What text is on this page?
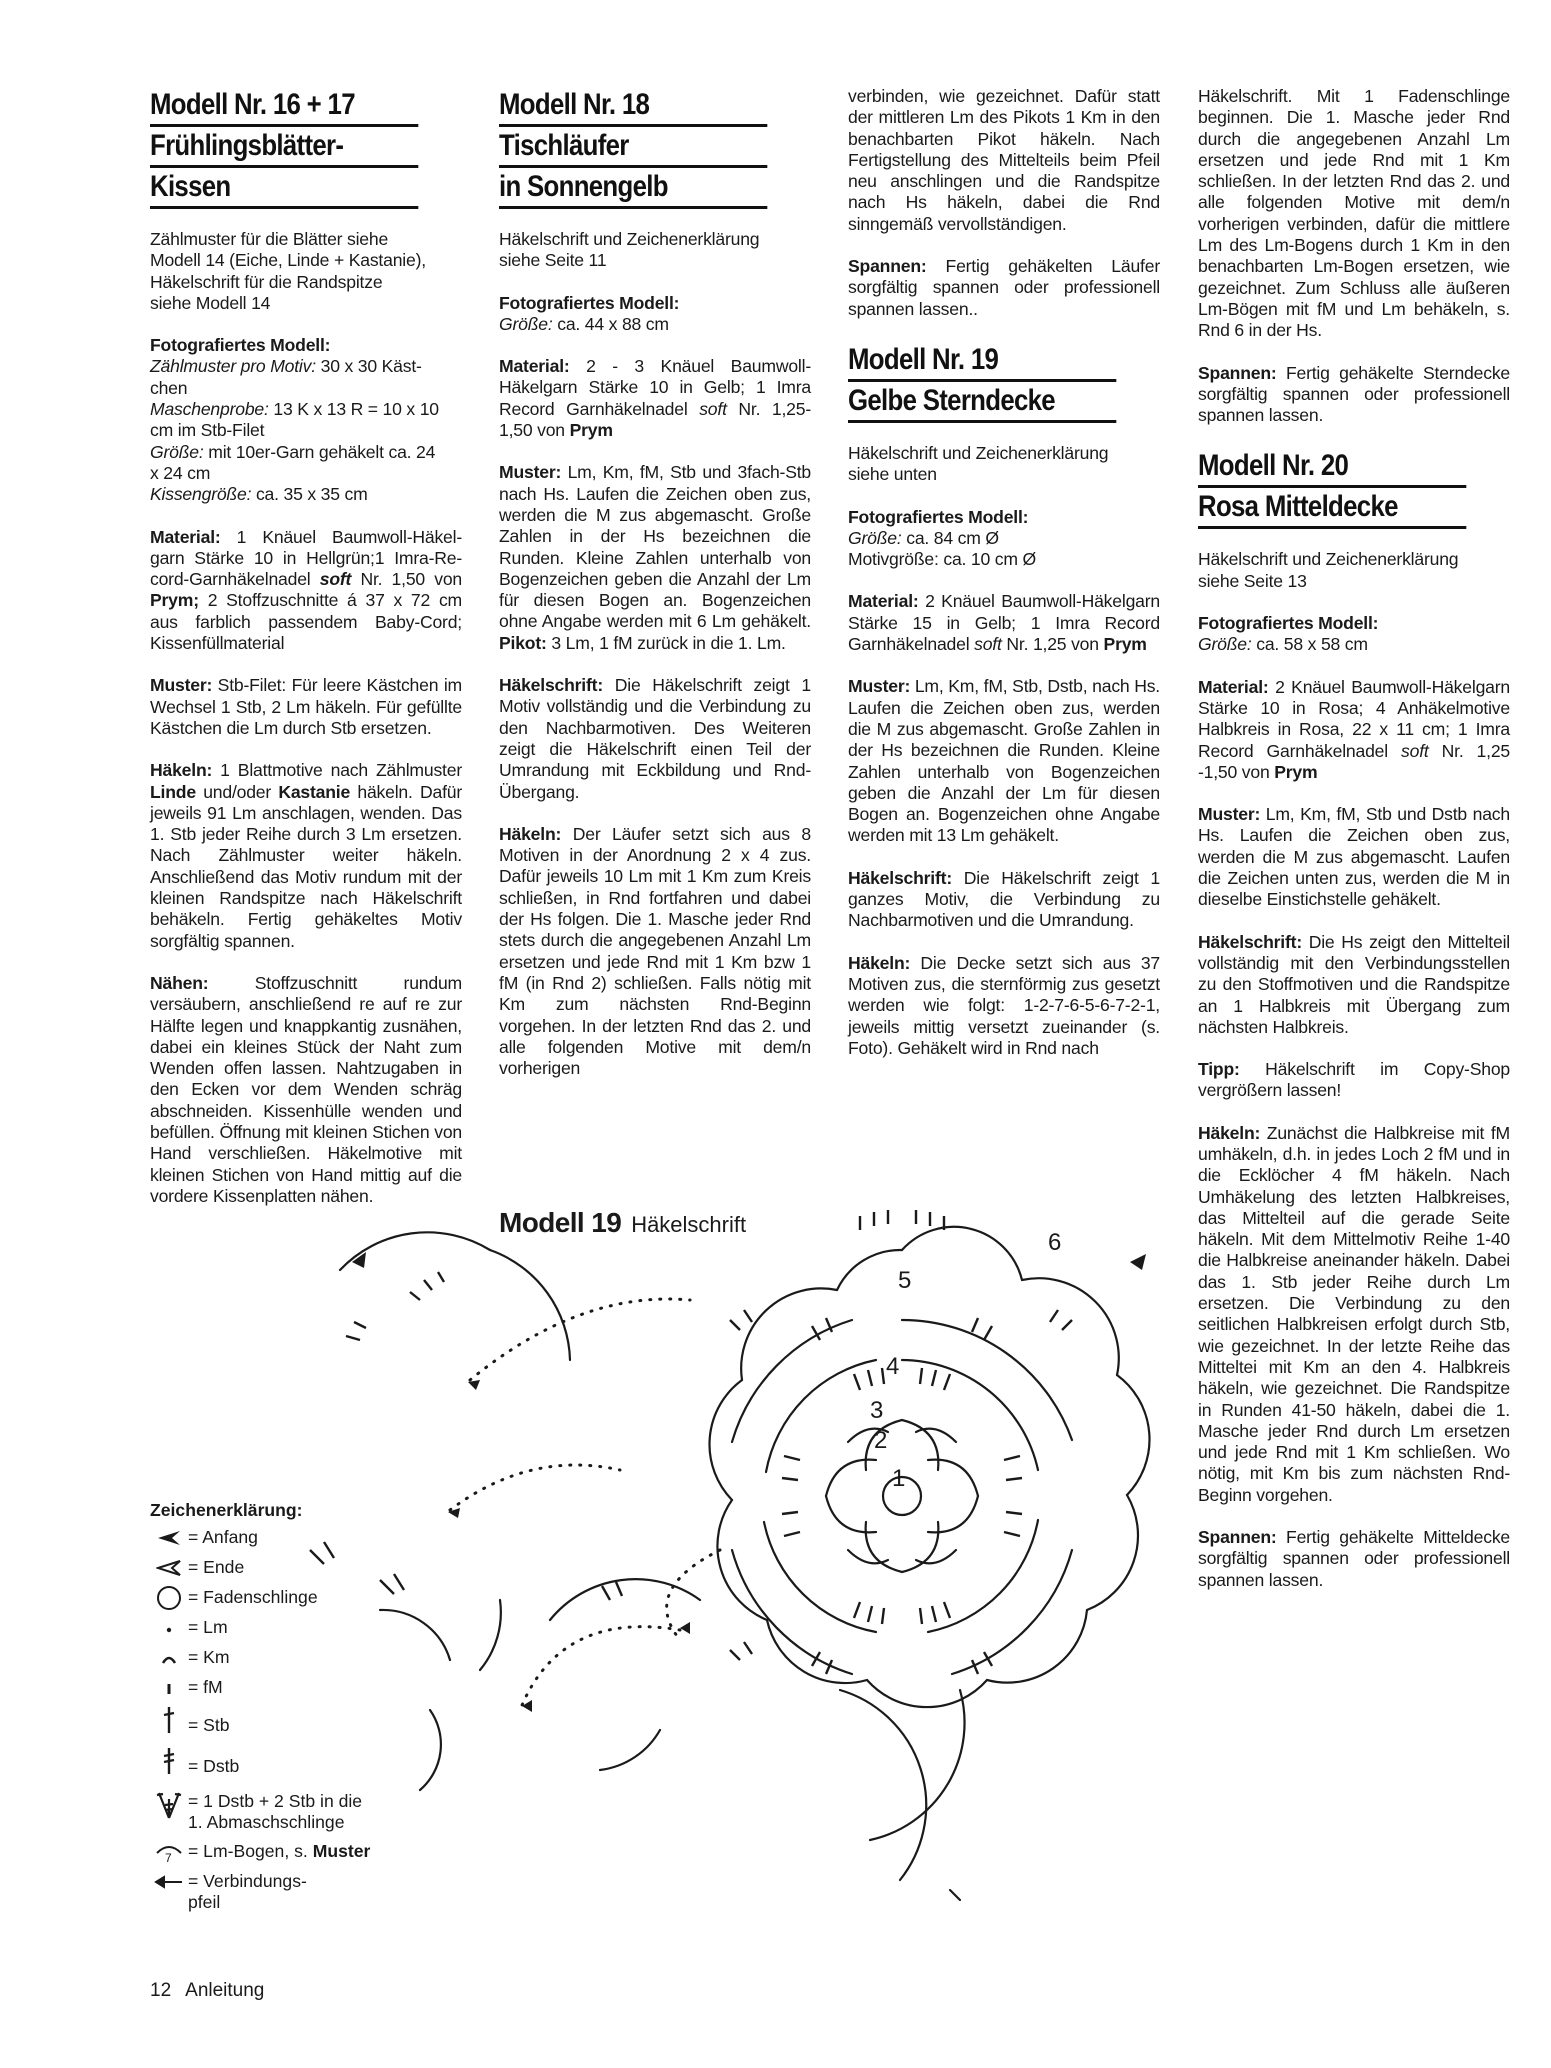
Modell Nr. 16 + 17
Frühlingsblätter-
Kissen

Zählmuster für die Blätter siehe
Modell 14 (Eiche, Linde + Kastanie),
Häkelschrift für die Randspitze
siehe Modell 14

Fotografiertes Modell:
Zählmuster pro Motiv: 30 x 30 Käst-
chen
Maschenprobe: 13 K x 13 R = 10 x 10
cm im Stb-Filet
Größe: mit 10er-Garn gehäkelt ca. 24
x 24 cm
Kissengröße: ca. 35 x 35 cm

Material: 1 Knäuel Baumwoll-Häkel-garn Stärke 10 in Hellgrün;1 Imra-Re-cord-Garnhäkelnadel soft Nr. 1,50 von Prym; 2 Stoffzuschnitte á 37 x 72 cm aus farblich passendem Baby-Cord; Kissenfüllmaterial

Muster: Stb-Filet: Für leere Kästchen im Wechsel 1 Stb, 2 Lm häkeln. Für gefüllte Kästchen die Lm durch Stb ersetzen.

Häkeln: 1 Blattmotive nach Zählmuster Linde und/oder Kastanie häkeln. Dafür jeweils 91 Lm anschlagen, wenden. Das 1. Stb jeder Reihe durch 3 Lm ersetzen. Nach Zählmuster weiter häkeln. Anschließend das Motiv rundum mit der kleinen Randspitze nach Häkelschrift behäkeln. Fertig gehäkeltes Motiv sorgfältig spannen.

Nähen: Stoffzuschnitt rundum versäubern, anschließend re auf re zur Hälfte legen und knappkantig zusnähen, dabei ein kleines Stück der Naht zum Wenden offen lassen. Nahtzugaben in den Ecken vor dem Wenden schräg abschneiden. Kissenhülle wenden und befüllen. Öffnung mit kleinen Stichen von Hand verschließen. Häkelmotive mit kleinen Stichen von Hand mittig auf die vordere Kissenplatten nähen.

Modell Nr. 18
Tischläufer
in Sonnengelb

Häkelschrift und Zeichenerklärung
siehe Seite 11

Fotografiertes Modell:
Größe: ca. 44 x 88 cm

Material: 2 - 3 Knäuel Baumwoll-Häkelgarn Stärke 10 in Gelb; 1 Imra Record Garnhäkelnadel soft Nr. 1,25-1,50 von Prym

Muster: Lm, Km, fM, Stb und 3fach-Stb nach Hs. Laufen die Zeichen oben zus, werden die M zus abgemascht. Große Zahlen in der Hs bezeichnen die Runden. Kleine Zahlen unterhalb von Bogenzeichen geben die Anzahl der Lm für diesen Bogen an. Bogenzeichen ohne Angabe werden mit 6 Lm gehäkelt. Pikot: 3 Lm, 1 fM zurück in die 1. Lm.

Häkelschrift: Die Häkelschrift zeigt 1 Motiv vollständig und die Verbindung zu den Nachbarmotiven. Des Weiteren zeigt die Häkelschrift einen Teil der Umrandung mit Eckbildung und Rnd-Übergang.

Häkeln: Der Läufer setzt sich aus 8 Motiven in der Anordnung 2 x 4 zus. Dafür jeweils 10 Lm mit 1 Km zum Kreis schließen, in Rnd fortfahren und dabei der Hs folgen. Die 1. Masche jeder Rnd stets durch die angegebenen Anzahl Lm ersetzen und jede Rnd mit 1 Km bzw 1 fM (in Rnd 2) schließen. Falls nötig mit Km zum nächsten Rnd-Beginn vorgehen. In der letzten Rnd das 2. und alle folgenden Motive mit dem/n vorherigen

verbinden, wie gezeichnet. Dafür statt der mittleren Lm des Pikots 1 Km in den benachbarten Pikot häkeln. Nach Fertigstellung des Mittelteils beim Pfeil neu anschlingen und die Randspitze nach Hs häkeln, dabei die Rnd sinngemäß vervollständigen.

Spannen: Fertig gehäkelten Läufer sorgfältig spannen oder professionell spannen lassen..

Modell Nr. 19
Gelbe Sterndecke

Häkelschrift und Zeichenerklärung
siehe unten

Fotografiertes Modell:
Größe: ca. 84 cm Ø
Motivgröße: ca. 10 cm Ø

Material: 2 Knäuel Baumwoll-Häkelgarn Stärke 15 in Gelb; 1 Imra Record Garnhäkelnadel soft Nr. 1,25 von Prym

Muster: Lm, Km, fM, Stb, Dstb, nach Hs. Laufen die Zeichen oben zus, werden die M zus abgemascht. Große Zahlen in der Hs bezeichnen die Runden. Kleine Zahlen unterhalb von Bogenzeichen geben die Anzahl der Lm für diesen Bogen an. Bogenzeichen ohne Angabe werden mit 13 Lm gehäkelt.

Häkelschrift: Die Häkelschrift zeigt 1 ganzes Motiv, die Verbindung zu Nachbarmotiven und die Umrandung.

Häkeln: Die Decke setzt sich aus 37 Motiven zus, die sternförmig zus gesetzt werden wie folgt: 1-2-7-6-5-6-7-2-1, jeweils mittig versetzt zueinander (s. Foto). Gehäkelt wird in Rnd nach

Häkelschrift. Mit 1 Fadenschlinge beginnen. Die 1. Masche jeder Rnd durch die angegebenen Anzahl Lm ersetzen und jede Rnd mit 1 Km schließen. In der letzten Rnd das 2. und alle folgenden Motive mit dem/n vorherigen verbinden, dafür die mittlere Lm des Lm-Bogens durch 1 Km in den benachbarten Lm-Bogen ersetzen, wie gezeichnet. Zum Schluss alle äußeren Lm-Bögen mit fM und Lm behäkeln, s. Rnd 6 in der Hs.

Spannen: Fertig gehäkelte Sterndecke sorgfältig spannen oder professionell spannen lassen.

Modell Nr. 20
Rosa Mitteldecke

Häkelschrift und Zeichenerklärung
siehe Seite 13

Fotografiertes Modell:
Größe: ca. 58 x 58 cm

Material: 2 Knäuel Baumwoll-Häkelgarn Stärke 10 in Rosa; 4 Anhäkelmotive Halbkreis in Rosa, 22 x 11 cm; 1 Imra Record Garnhäkelnadel soft Nr. 1,25 -1,50 von Prym

Muster: Lm, Km, fM, Stb und Dstb nach Hs. Laufen die Zeichen oben zus, werden die M zus abgemascht. Laufen die Zeichen unten zus, werden die M in dieselbe Einstichstelle gehäkelt.

Häkelschrift: Die Hs zeigt den Mittelteil vollständig mit den Verbindungsstellen zu den Stoffmotiven und die Randspitze an 1 Halbkreis mit Übergang zum nächsten Halbkreis.

Tipp: Häkelschrift im Copy-Shop vergrößern lassen!

Häkeln: Zunächst die Halbkreise mit fM umhäkeln, d.h. in jedes Loch 2 fM und in die Ecklöcher 4 fM häkeln. Nach Umhäkelung des letzten Halbkreises, das Mittelteil auf die gerade Seite häkeln. Mit dem Mittelmotiv Reihe 1-40 die Halbkreise aneinander häkeln. Dabei das 1. Stb jeder Reihe durch Lm ersetzen. Die Verbindung zu den seitlichen Halbkreisen erfolgt durch Stb, wie gezeichnet. In der letzte Reihe das Mitteltei mit Km an den 4. Halbkreis häkeln, wie gezeichnet. Die Randspitze in Runden 41-50 häkeln, dabei die 1. Masche jeder Rnd durch Lm ersetzen und jede Rnd mit 1 Km schließen. Wo nötig, mit Km bis zum nächsten Rnd-Beginn vorgehen.

Spannen: Fertig gehäkelte Mitteldecke sorgfältig spannen oder professionell spannen lassen.

Modell 19 Häkelschrift
1
2
3
4
5
6
Zeichenerklärung:
= Anfang
= Ende
= Fadenschlinge
= Lm
= Km
= fM
= Stb
= Dstb
= 1 Dstb + 2 Stb in die
1. Abmaschschlinge
7 = Lm-Bogen, s. Muster
= Verbindungs-
pfeil
12 Anleitung
